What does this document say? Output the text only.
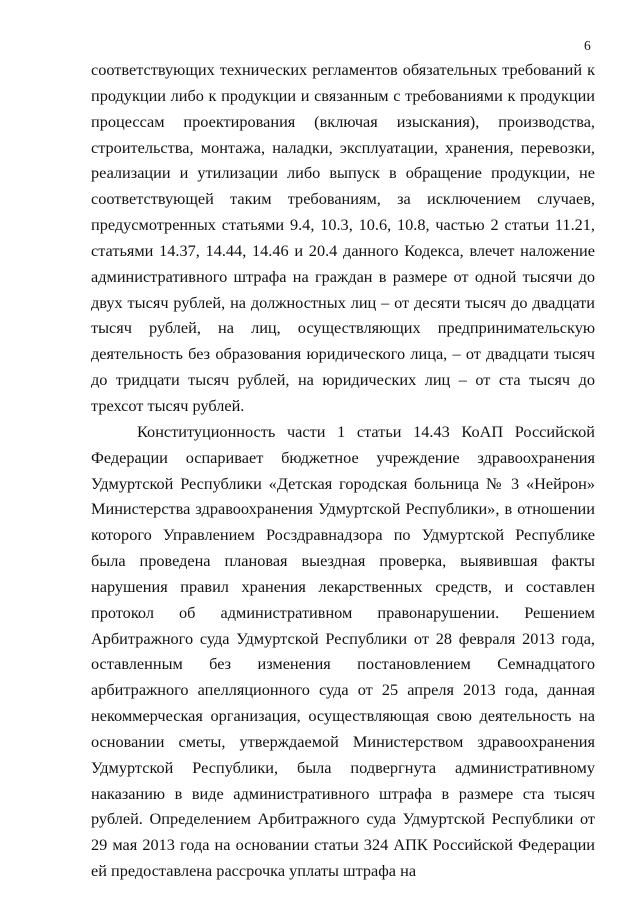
6

соответствующих технических регламентов обязательных требований к продукции либо к продукции и связанным с требованиями к продукции процессам проектирования (включая изыскания), производства, строительства, монтажа, наладки, эксплуатации, хранения, перевозки, реализации и утилизации либо выпуск в обращение продукции, не соответствующей таким требованиям, за исключением случаев, предусмотренных статьями 9.4, 10.3, 10.6, 10.8, частью 2 статьи 11.21, статьями 14.37, 14.44, 14.46 и 20.4 данного Кодекса, влечет наложение административного штрафа на граждан в размере от одной тысячи до двух тысяч рублей, на должностных лиц – от десяти тысяч до двадцати тысяч рублей, на лиц, осуществляющих предпринимательскую деятельность без образования юридического лица, – от двадцати тысяч до тридцати тысяч рублей, на юридических лиц – от ста тысяч до трехсот тысяч рублей.

Конституционность части 1 статьи 14.43 КоАП Российской Федерации оспаривает бюджетное учреждение здравоохранения Удмуртской Республики «Детская городская больница № 3 «Нейрон» Министерства здравоохранения Удмуртской Республики», в отношении которого Управлением Росздравнадзора по Удмуртской Республике была проведена плановая выездная проверка, выявившая факты нарушения правил хранения лекарственных средств, и составлен протокол об административном правонарушении. Решением Арбитражного суда Удмуртской Республики от 28 февраля 2013 года, оставленным без изменения постановлением Семнадцатого арбитражного апелляционного суда от 25 апреля 2013 года, данная некоммерческая организация, осуществляющая свою деятельность на основании сметы, утверждаемой Министерством здравоохранения Удмуртской Республики, была подвергнута административному наказанию в виде административного штрафа в размере ста тысяч рублей. Определением Арбитражного суда Удмуртской Республики от 29 мая 2013 года на основании статьи 324 АПК Российской Федерации ей предоставлена рассрочка уплаты штрафа на
